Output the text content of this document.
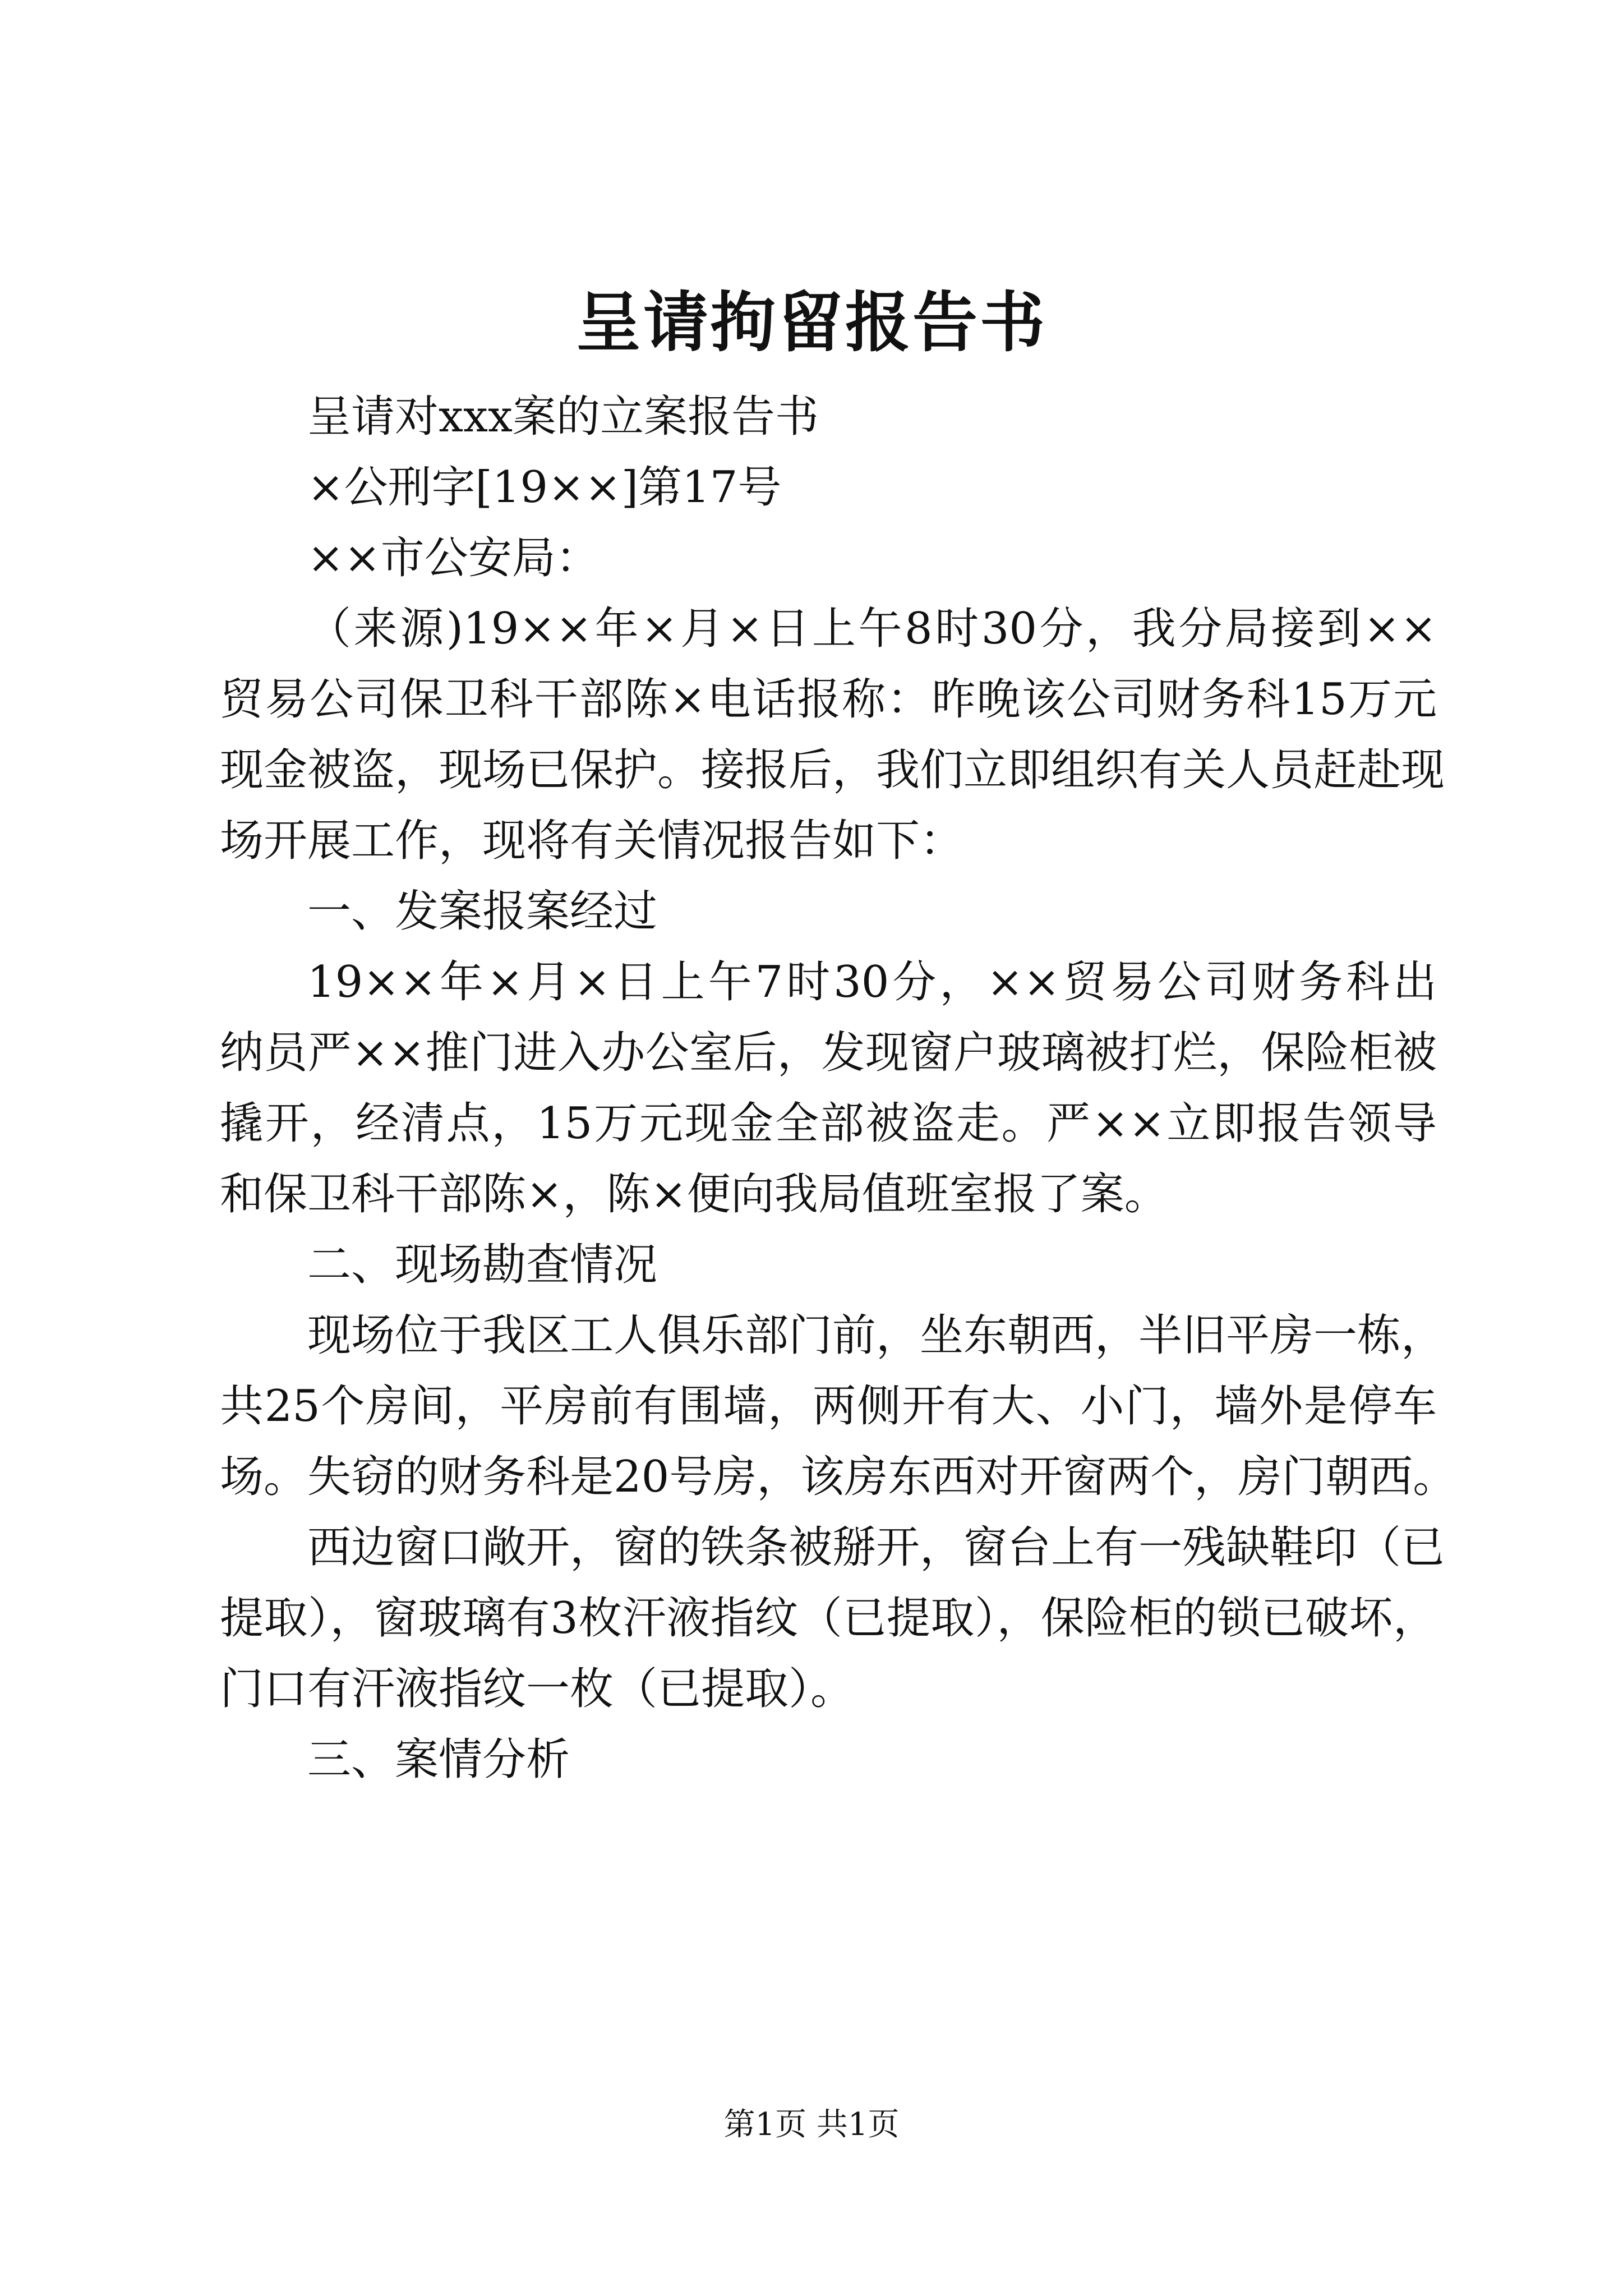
呈请拘留报告书

呈请对xxx案的立案报告书

×公刑字[19××]第17号

××市公安局：

（来源)19××年×月×日上午8时30分，我分局接到××

贸易公司保卫科干部陈×电话报称：昨晚该公司财务科15万元

现金被盗，现场已保护。接报后，我们立即组织有关人员赶赴现

场开展工作，现将有关情况报告如下：

一、发案报案经过

19××年×月×日上午7时30分，××贸易公司财务科出

纳员严××推门进入办公室后，发现窗户玻璃被打烂，保险柜被

撬开，经清点，15万元现金全部被盗走。严××立即报告领导

和保卫科干部陈×，陈×便向我局值班室报了案。

二、现场勘查情况

现场位于我区工人俱乐部门前，坐东朝西，半旧平房一栋，

共25个房间，平房前有围墙，两侧开有大、小门，墙外是停车

场。失窃的财务科是20号房，该房东西对开窗两个，房门朝西。

西边窗口敞开，窗的铁条被掰开，窗台上有一残缺鞋印（已

提取），窗玻璃有3枚汗液指纹（已提取），保险柜的锁已破坏，

门口有汗液指纹一枚（已提取）。

三、案情分析

第1页 共1页
